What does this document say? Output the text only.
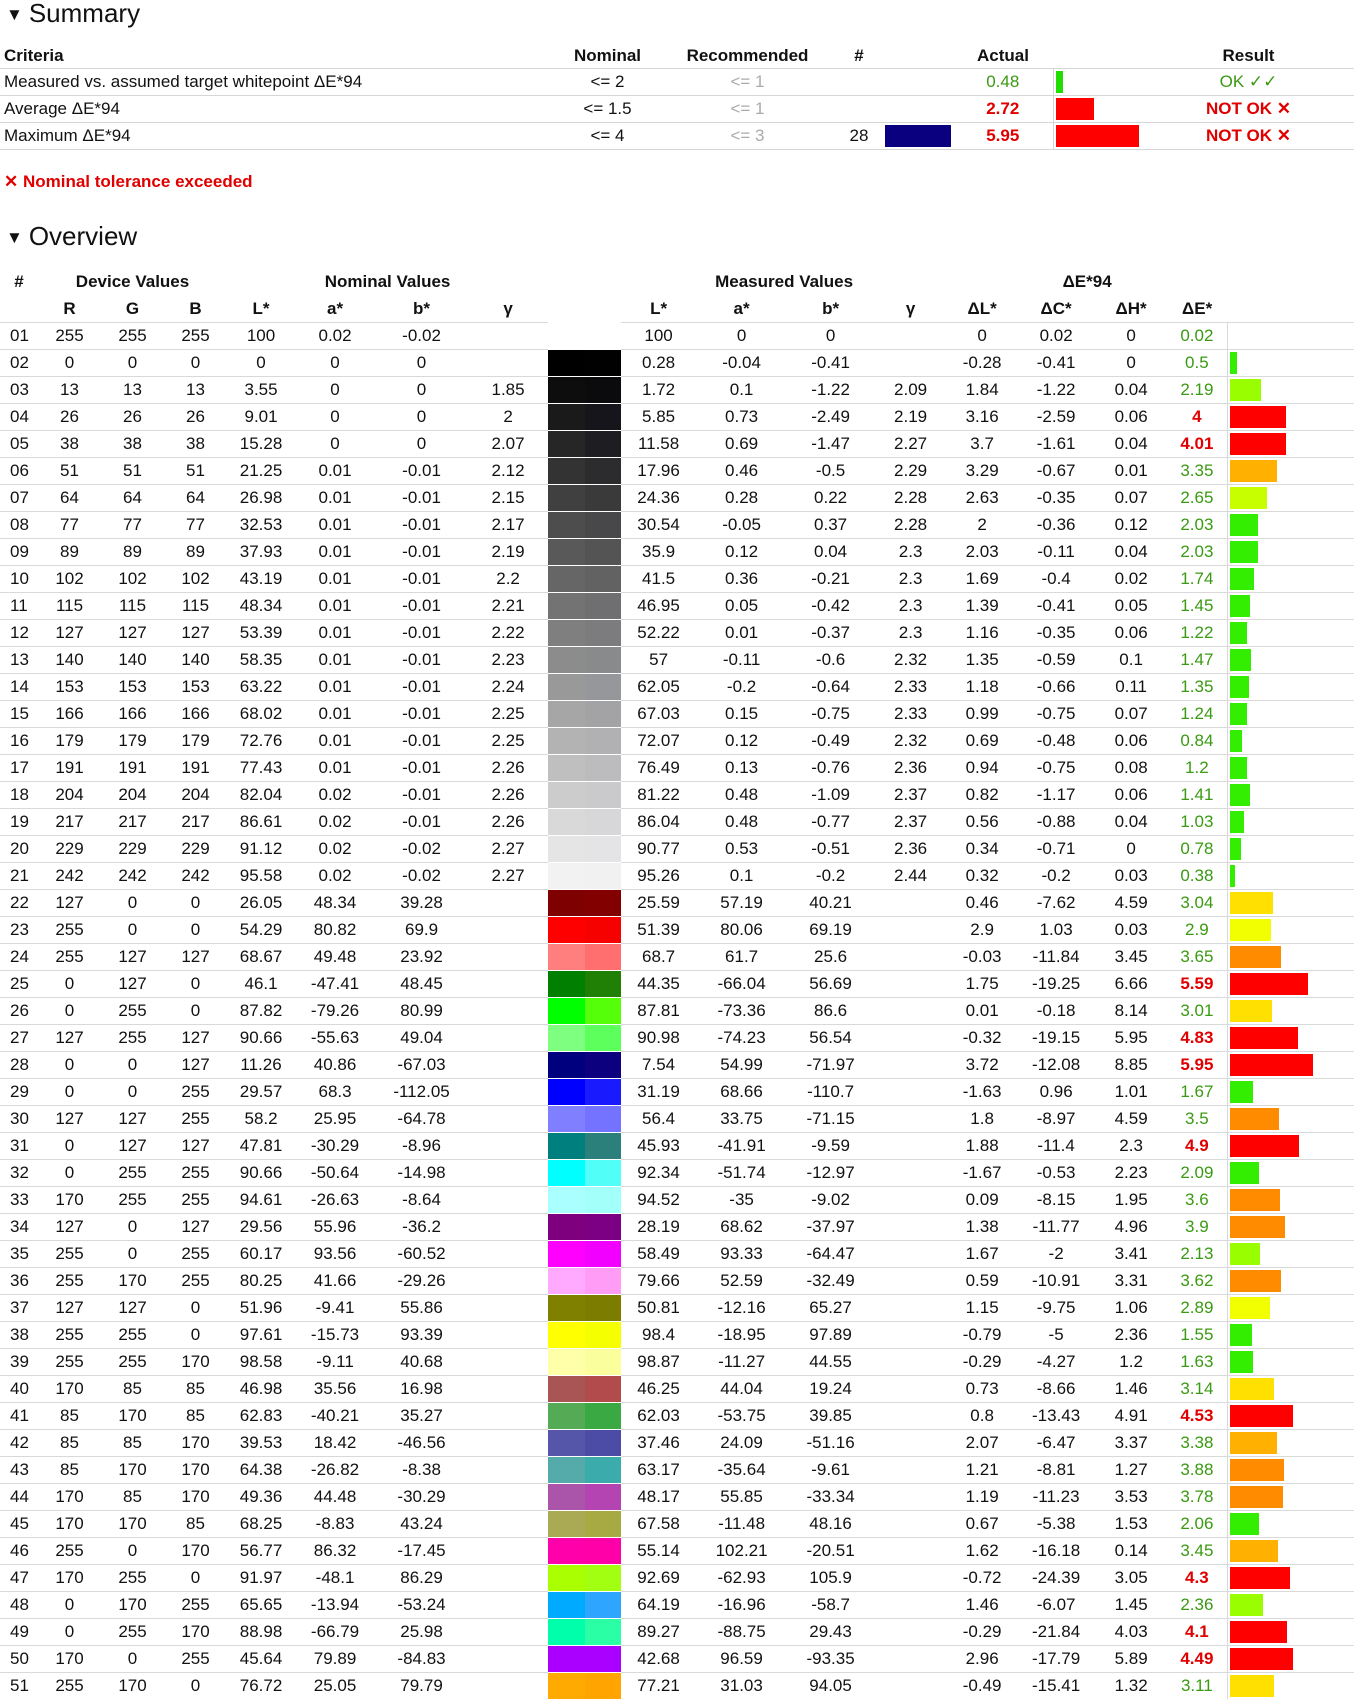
▼ Summary
Criteria	Nominal	Recommended	#		Actual		Result
Measured vs. assumed target whitepoint ΔE*94	<= 2	<= 1			0.48		OK ✓✓
Average ΔE*94	<= 1.5	<= 1			2.72		NOT OK ✕
Maximum ΔE*94	<= 4	<= 3	28		5.95		NOT OK ✕
✕ Nominal tolerance exceeded
▼ Overview
#	Device Values			Nominal Values					Measured Values				ΔE*94				
	R	G	B	L*	a*	b*	γ		L*	a*	b*	γ	ΔL*	ΔC*	ΔH*	ΔE*	
01	255	255	255	100	0.02	-0.02			100	0	0		0	0.02	0	0.02	
02	0	0	0	0	0	0			0.28	-0.04	-0.41		-0.28	-0.41	0	0.5	
03	13	13	13	3.55	0	0	1.85		1.72	0.1	-1.22	2.09	1.84	-1.22	0.04	2.19	
04	26	26	26	9.01	0	0	2		5.85	0.73	-2.49	2.19	3.16	-2.59	0.06	4	
05	38	38	38	15.28	0	0	2.07		11.58	0.69	-1.47	2.27	3.7	-1.61	0.04	4.01	
06	51	51	51	21.25	0.01	-0.01	2.12		17.96	0.46	-0.5	2.29	3.29	-0.67	0.01	3.35	
07	64	64	64	26.98	0.01	-0.01	2.15		24.36	0.28	0.22	2.28	2.63	-0.35	0.07	2.65	
08	77	77	77	32.53	0.01	-0.01	2.17		30.54	-0.05	0.37	2.28	2	-0.36	0.12	2.03	
09	89	89	89	37.93	0.01	-0.01	2.19		35.9	0.12	0.04	2.3	2.03	-0.11	0.04	2.03	
10	102	102	102	43.19	0.01	-0.01	2.2		41.5	0.36	-0.21	2.3	1.69	-0.4	0.02	1.74	
11	115	115	115	48.34	0.01	-0.01	2.21		46.95	0.05	-0.42	2.3	1.39	-0.41	0.05	1.45	
12	127	127	127	53.39	0.01	-0.01	2.22		52.22	0.01	-0.37	2.3	1.16	-0.35	0.06	1.22	
13	140	140	140	58.35	0.01	-0.01	2.23		57	-0.11	-0.6	2.32	1.35	-0.59	0.1	1.47	
14	153	153	153	63.22	0.01	-0.01	2.24		62.05	-0.2	-0.64	2.33	1.18	-0.66	0.11	1.35	
15	166	166	166	68.02	0.01	-0.01	2.25		67.03	0.15	-0.75	2.33	0.99	-0.75	0.07	1.24	
16	179	179	179	72.76	0.01	-0.01	2.25		72.07	0.12	-0.49	2.32	0.69	-0.48	0.06	0.84	
17	191	191	191	77.43	0.01	-0.01	2.26		76.49	0.13	-0.76	2.36	0.94	-0.75	0.08	1.2	
18	204	204	204	82.04	0.02	-0.01	2.26		81.22	0.48	-1.09	2.37	0.82	-1.17	0.06	1.41	
19	217	217	217	86.61	0.02	-0.01	2.26		86.04	0.48	-0.77	2.37	0.56	-0.88	0.04	1.03	
20	229	229	229	91.12	0.02	-0.02	2.27		90.77	0.53	-0.51	2.36	0.34	-0.71	0	0.78	
21	242	242	242	95.58	0.02	-0.02	2.27		95.26	0.1	-0.2	2.44	0.32	-0.2	0.03	0.38	
22	127	0	0	26.05	48.34	39.28			25.59	57.19	40.21		0.46	-7.62	4.59	3.04	
23	255	0	0	54.29	80.82	69.9			51.39	80.06	69.19		2.9	1.03	0.03	2.9	
24	255	127	127	68.67	49.48	23.92			68.7	61.7	25.6		-0.03	-11.84	3.45	3.65	
25	0	127	0	46.1	-47.41	48.45			44.35	-66.04	56.69		1.75	-19.25	6.66	5.59	
26	0	255	0	87.82	-79.26	80.99			87.81	-73.36	86.6		0.01	-0.18	8.14	3.01	
27	127	255	127	90.66	-55.63	49.04			90.98	-74.23	56.54		-0.32	-19.15	5.95	4.83	
28	0	0	127	11.26	40.86	-67.03			7.54	54.99	-71.97		3.72	-12.08	8.85	5.95	
29	0	0	255	29.57	68.3	-112.05			31.19	68.66	-110.7		-1.63	0.96	1.01	1.67	
30	127	127	255	58.2	25.95	-64.78			56.4	33.75	-71.15		1.8	-8.97	4.59	3.5	
31	0	127	127	47.81	-30.29	-8.96			45.93	-41.91	-9.59		1.88	-11.4	2.3	4.9	
32	0	255	255	90.66	-50.64	-14.98			92.34	-51.74	-12.97		-1.67	-0.53	2.23	2.09	
33	170	255	255	94.61	-26.63	-8.64			94.52	-35	-9.02		0.09	-8.15	1.95	3.6	
34	127	0	127	29.56	55.96	-36.2			28.19	68.62	-37.97		1.38	-11.77	4.96	3.9	
35	255	0	255	60.17	93.56	-60.52			58.49	93.33	-64.47		1.67	-2	3.41	2.13	
36	255	170	255	80.25	41.66	-29.26			79.66	52.59	-32.49		0.59	-10.91	3.31	3.62	
37	127	127	0	51.96	-9.41	55.86			50.81	-12.16	65.27		1.15	-9.75	1.06	2.89	
38	255	255	0	97.61	-15.73	93.39			98.4	-18.95	97.89		-0.79	-5	2.36	1.55	
39	255	255	170	98.58	-9.11	40.68			98.87	-11.27	44.55		-0.29	-4.27	1.2	1.63	
40	170	85	85	46.98	35.56	16.98			46.25	44.04	19.24		0.73	-8.66	1.46	3.14	
41	85	170	85	62.83	-40.21	35.27			62.03	-53.75	39.85		0.8	-13.43	4.91	4.53	
42	85	85	170	39.53	18.42	-46.56			37.46	24.09	-51.16		2.07	-6.47	3.37	3.38	
43	85	170	170	64.38	-26.82	-8.38			63.17	-35.64	-9.61		1.21	-8.81	1.27	3.88	
44	170	85	170	49.36	44.48	-30.29			48.17	55.85	-33.34		1.19	-11.23	3.53	3.78	
45	170	170	85	68.25	-8.83	43.24			67.58	-11.48	48.16		0.67	-5.38	1.53	2.06	
46	255	0	170	56.77	86.32	-17.45			55.14	102.21	-20.51		1.62	-16.18	0.14	3.45	
47	170	255	0	91.97	-48.1	86.29			92.69	-62.93	105.9		-0.72	-24.39	3.05	4.3	
48	0	170	255	65.65	-13.94	-53.24			64.19	-16.96	-58.7		1.46	-6.07	1.45	2.36	
49	0	255	170	88.98	-66.79	25.98			89.27	-88.75	29.43		-0.29	-21.84	4.03	4.1	
50	170	0	255	45.64	79.89	-84.83			42.68	96.59	-93.35		2.96	-17.79	5.89	4.49	
51	255	170	0	76.72	25.05	79.79			77.21	31.03	94.05		-0.49	-15.41	1.32	3.11	
